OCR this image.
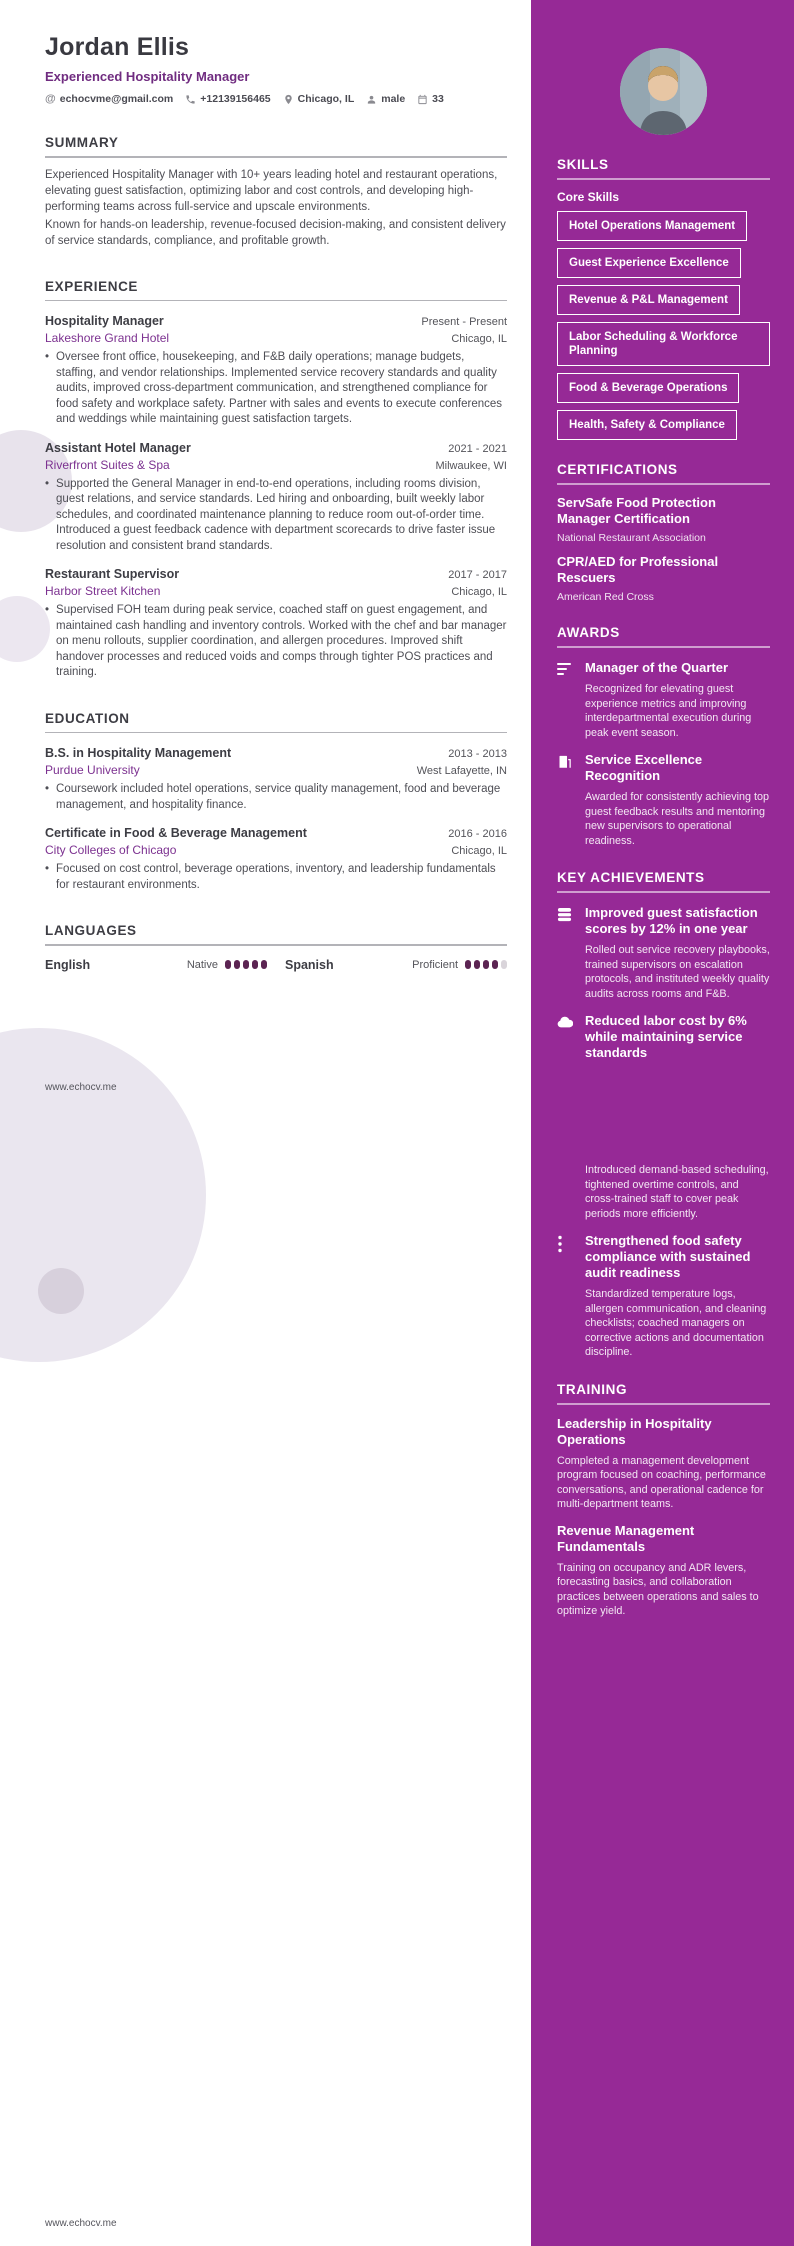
Jordan Ellis
Experienced Hospitality Manager
@ echocvme@gmail.com	+12139156465	Chicago, IL	male	33
SUMMARY

Experienced Hospitality Manager with 10+ years leading hotel and restaurant operations, elevating guest satisfaction, optimizing labor and cost controls, and developing high-performing teams across full-service and upscale environments.

Known for hands-on leadership, revenue-focused decision-making, and consistent delivery of service standards, compliance, and profitable growth.

EXPERIENCE
Hospitality Manager	Present - Present
Lakeshore Grand Hotel	Chicago, IL
• Oversee front office, housekeeping, and F&B daily operations; manage budgets, staffing, and vendor relationships. Implemented service recovery standards and quality audits, improved cross-department communication, and strengthened compliance for food safety and workplace safety. Partner with sales and events to execute conferences and weddings while maintaining guest satisfaction targets.
Assistant Hotel Manager	2021 - 2021
Riverfront Suites & Spa	Milwaukee, WI
• Supported the General Manager in end-to-end operations, including rooms division, guest relations, and service standards. Led hiring and onboarding, built weekly labor schedules, and coordinated maintenance planning to reduce room out-of-order time. Introduced a guest feedback cadence with department scorecards to drive faster issue resolution and consistent brand standards.
Restaurant Supervisor	2017 - 2017
Harbor Street Kitchen	Chicago, IL
• Supervised FOH team during peak service, coached staff on guest engagement, and maintained cash handling and inventory controls. Worked with the chef and bar manager on menu rollouts, supplier coordination, and allergen procedures. Improved shift handover processes and reduced voids and comps through tighter POS practices and training.
EDUCATION
B.S. in Hospitality Management	2013 - 2013
Purdue University	West Lafayette, IN
• Coursework included hotel operations, service quality management, food and beverage management, and hospitality finance.
Certificate in Food & Beverage Management	2016 - 2016
City Colleges of Chicago	Chicago, IL
• Focused on cost control, beverage operations, inventory, and leadership fundamentals for restaurant environments.
LANGUAGES
English	Native	Spanish	Proficient
www.echocv.me
www.echocv.me
SKILLS
Core Skills
Hotel Operations Management
Guest Experience Excellence
Revenue & P&L Management
Labor Scheduling & Workforce Planning
Food & Beverage Operations
Health, Safety & Compliance
CERTIFICATIONS
ServSafe Food Protection Manager Certification
National Restaurant Association
CPR/AED for Professional Rescuers
American Red Cross
AWARDS
Manager of the Quarter
Recognized for elevating guest experience metrics and improving interdepartmental execution during peak event season.
Service Excellence Recognition
Awarded for consistently achieving top guest feedback results and mentoring new supervisors to operational readiness.
KEY ACHIEVEMENTS
Improved guest satisfaction scores by 12% in one year
Rolled out service recovery playbooks, trained supervisors on escalation protocols, and instituted weekly quality audits across rooms and F&B.
Reduced labor cost by 6% while maintaining service standards
Introduced demand-based scheduling, tightened overtime controls, and cross-trained staff to cover peak periods more efficiently.
Strengthened food safety compliance with sustained audit readiness
Standardized temperature logs, allergen communication, and cleaning checklists; coached managers on corrective actions and documentation discipline.
TRAINING
Leadership in Hospitality Operations
Completed a management development program focused on coaching, performance conversations, and operational cadence for multi-department teams.
Revenue Management Fundamentals
Training on occupancy and ADR levers, forecasting basics, and collaboration practices between operations and sales to optimize yield.
